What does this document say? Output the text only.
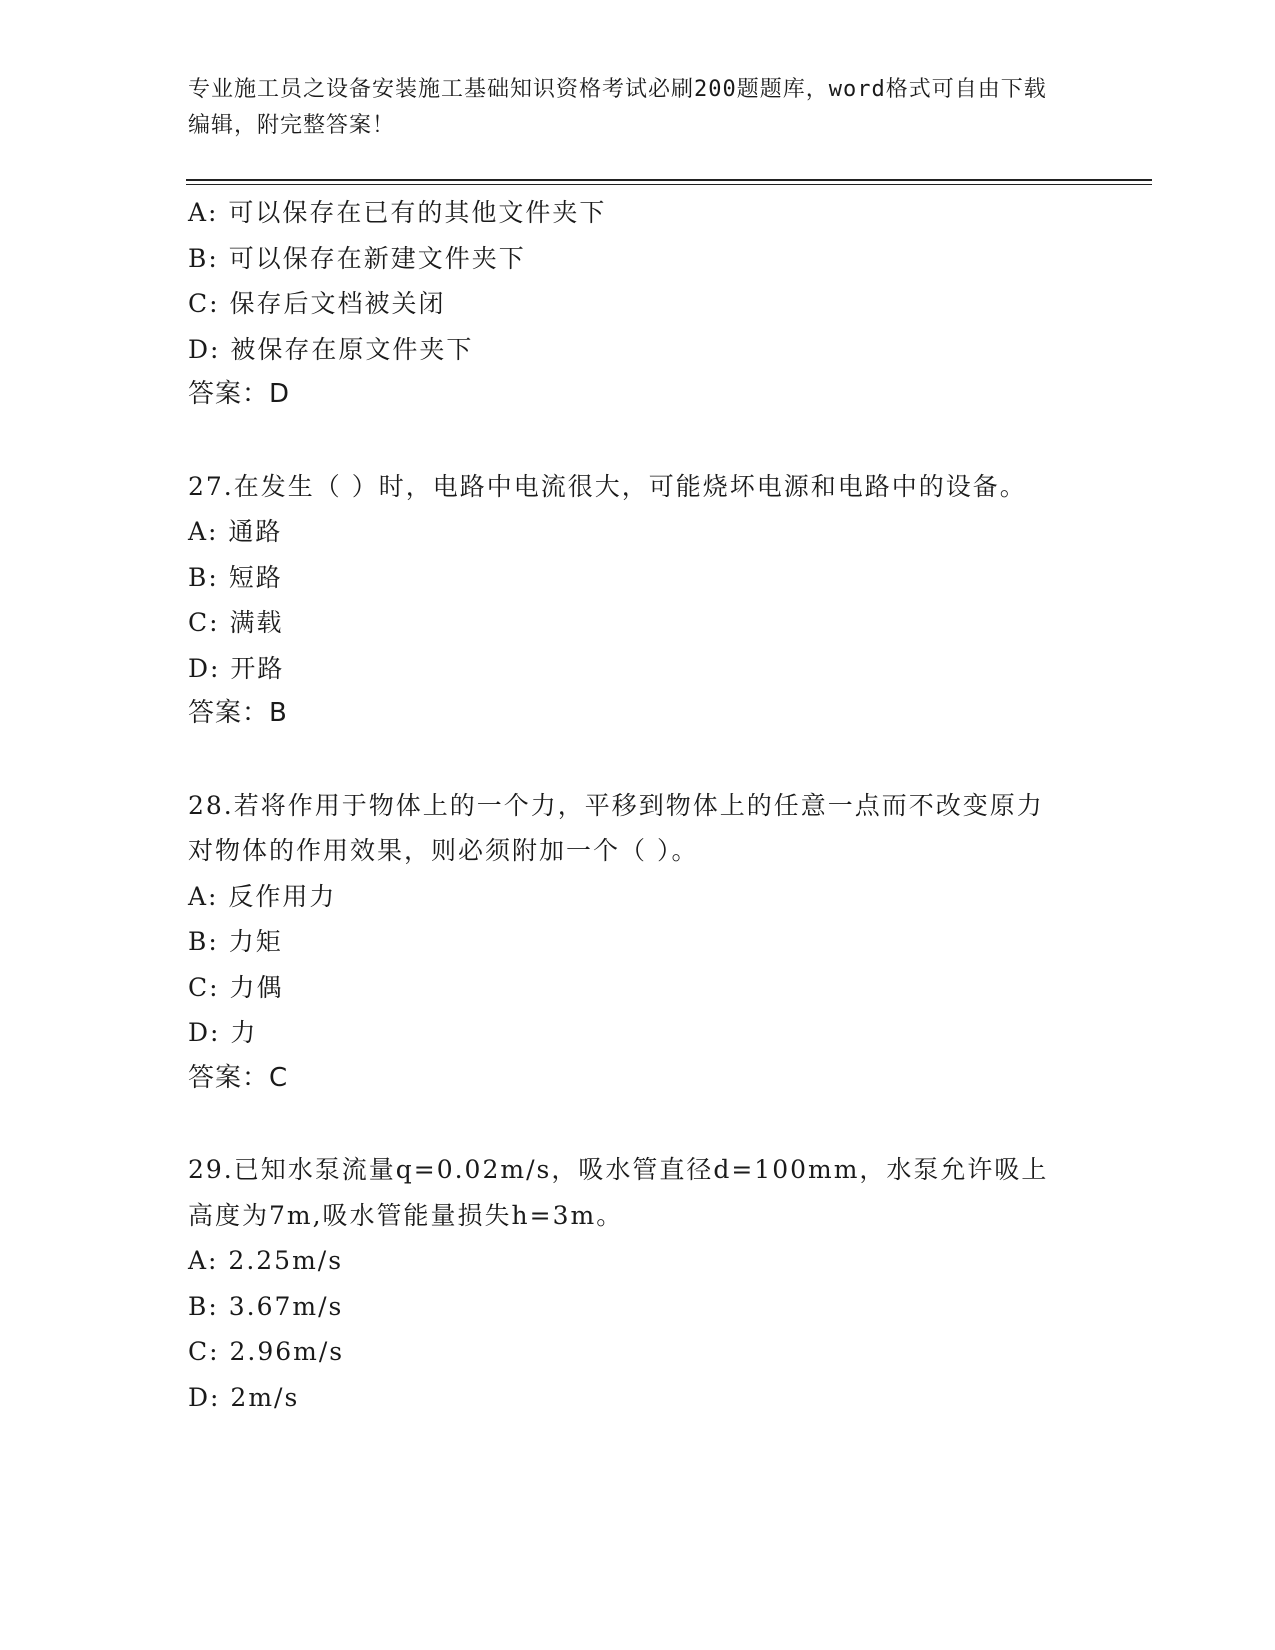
专业施工员之设备安装施工基础知识资格考试必刷200题题库，word格式可自由下载编辑，附完整答案！
A: 可以保存在已有的其他文件夹下
B: 可以保存在新建文件夹下
C: 保存后文档被关闭
D: 被保存在原文件夹下
答案：D
27.在发生（ ）时，电路中电流很大，可能烧坏电源和电路中的设备。
A: 通路
B: 短路
C: 满载
D: 开路
答案：B
28.若将作用于物体上的一个力，平移到物体上的任意一点而不改变原力对物体的作用效果，则必须附加一个（ ）。
A: 反作用力
B: 力矩
C: 力偶
D: 力
答案：C
29.已知水泵流量q=0.02m/s，吸水管直径d=100mm，水泵允许吸上高度为7m,吸水管能量损失h=3m。
A: 2.25m/s
B: 3.67m/s
C: 2.96m/s
D: 2m/s
